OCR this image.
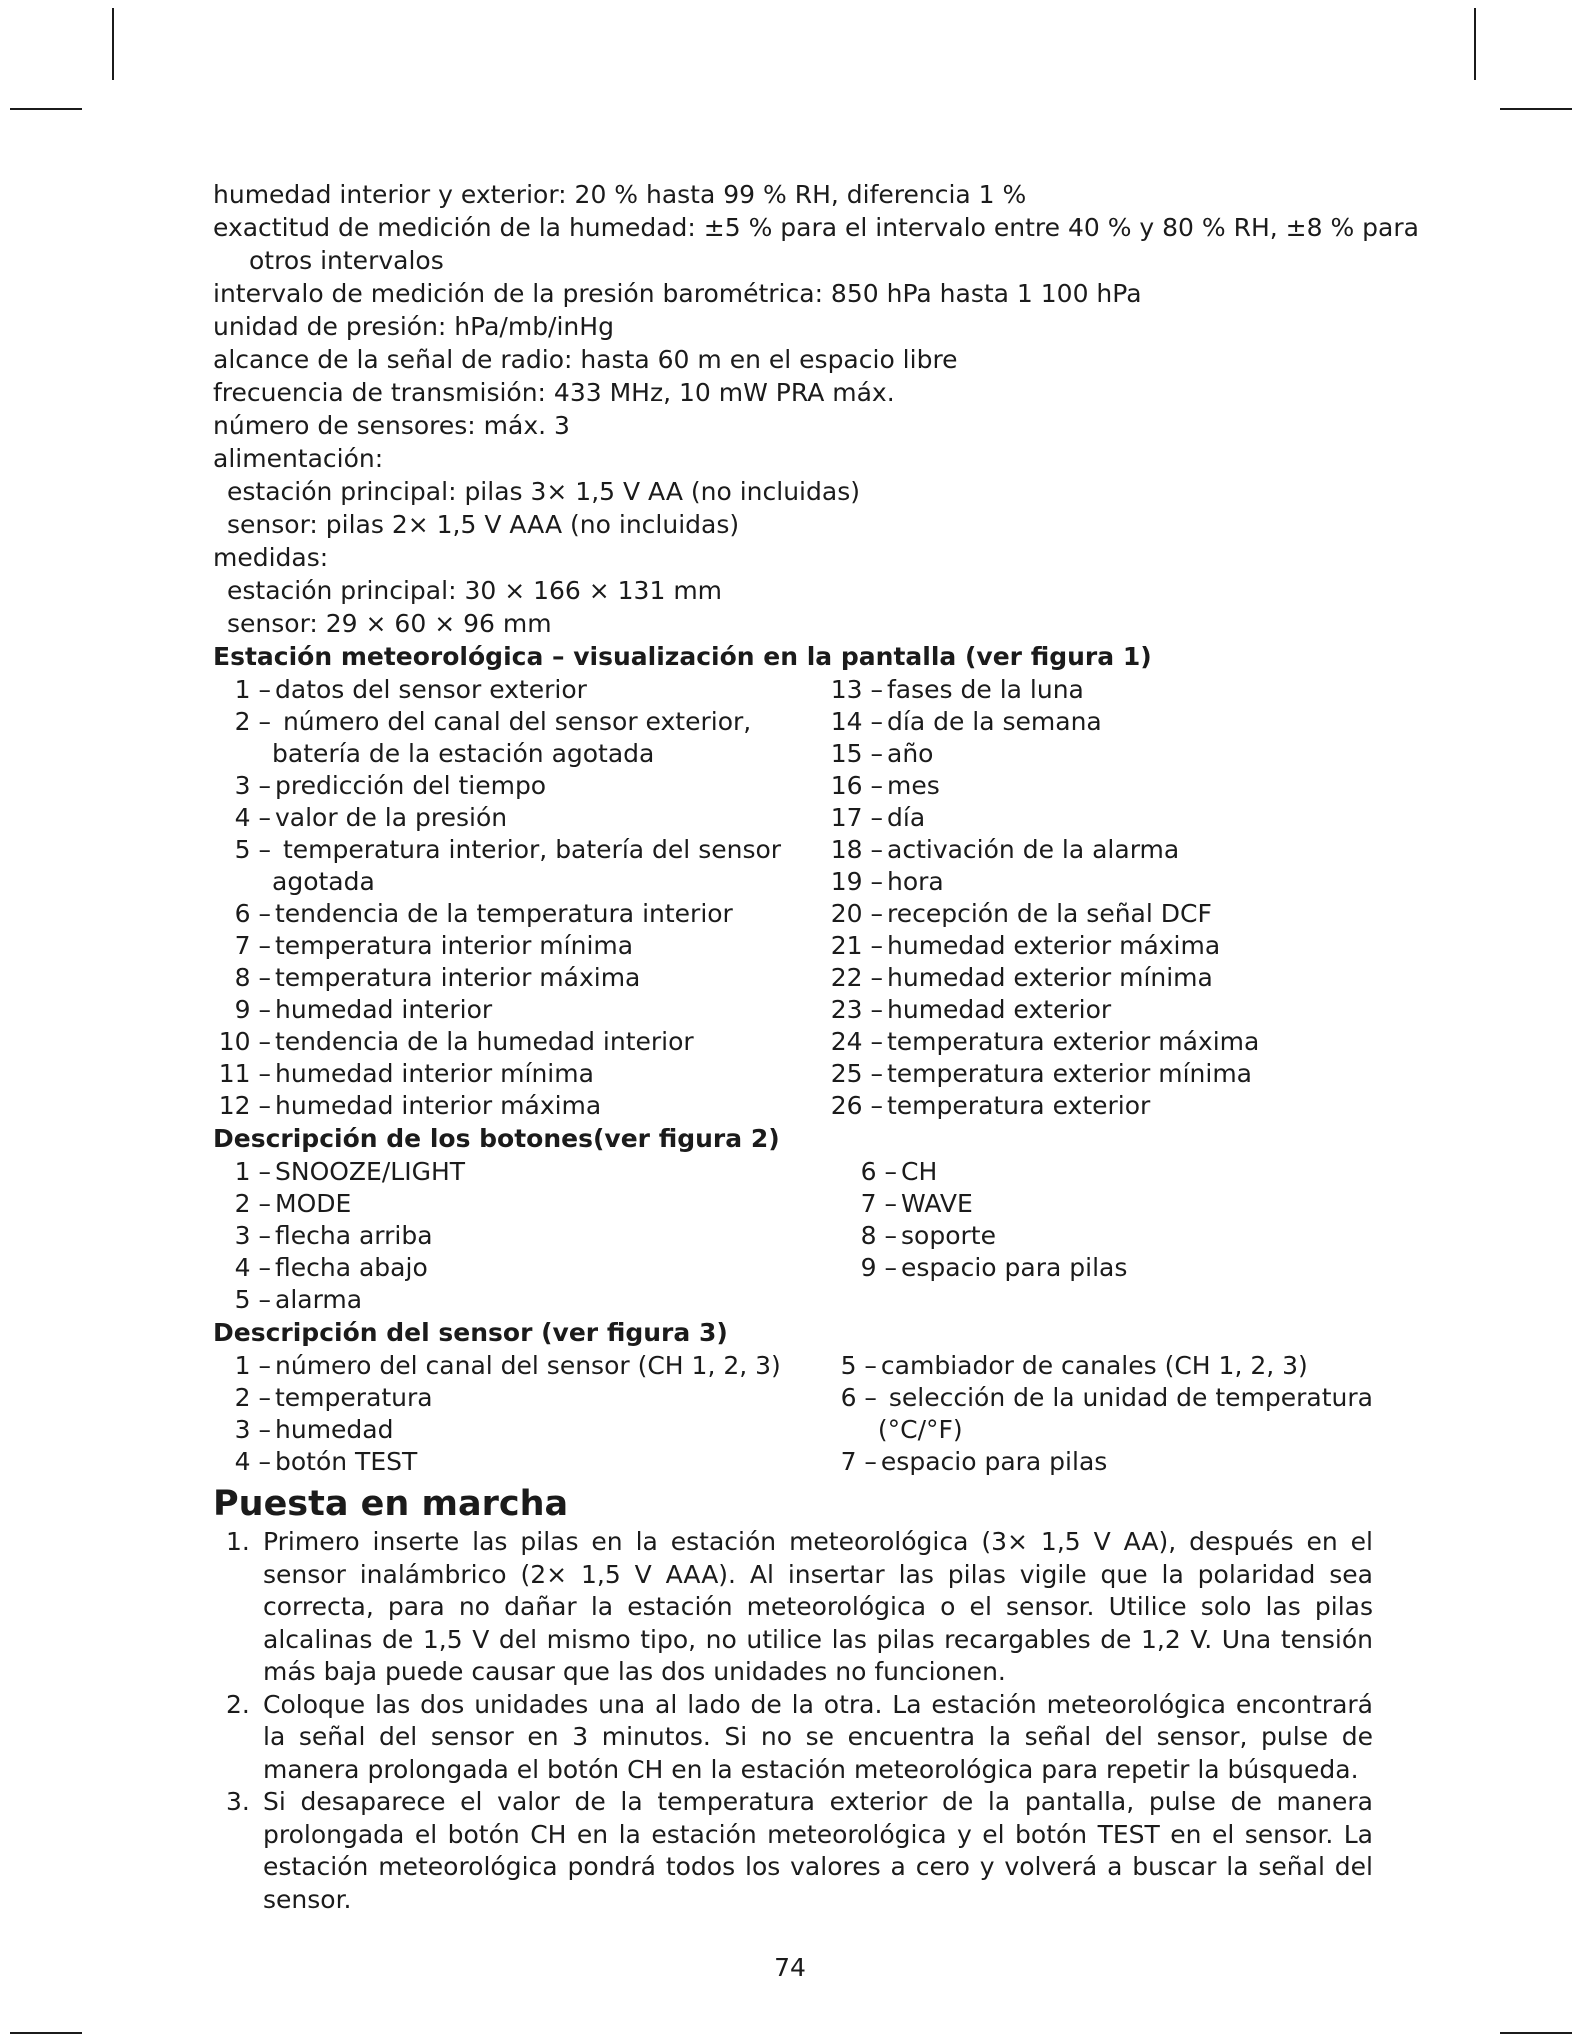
humedad interior y exterior: 20 % hasta 99 % RH, diferencia 1 %
exactitud de medición de la humedad: ±5 % para el intervalo entre 40 % y 80 % RH, ±8 % para
otros intervalos
intervalo de medición de la presión barométrica: 850 hPa hasta 1 100 hPa
unidad de presión: hPa/mb/inHg
alcance de la señal de radio: hasta 60 m en el espacio libre
frecuencia de transmisión: 433 MHz, 10 mW PRA máx.
número de sensores: máx. 3
alimentación:
estación principal: pilas 3× 1,5 V AA (no incluidas)
sensor: pilas 2× 1,5 V AAA (no incluidas)
medidas:
estación principal: 30 × 166 × 131 mm
sensor: 29 × 60 × 96 mm
Estación meteorológica – visualización en la pantalla (ver figura 1)
1 – datos del sensor exterior
2 – número del canal del sensor exterior,
batería de la estación agotada
3 – predicción del tiempo
4 – valor de la presión
5 – temperatura interior, batería del sensor
agotada
6 – tendencia de la temperatura interior
7 – temperatura interior mínima
8 – temperatura interior máxima
9 – humedad interior
10 – tendencia de la humedad interior
11 – humedad interior mínima
12 – humedad interior máxima
13 – fases de la luna
14 – día de la semana
15 – año
16 – mes
17 – día
18 – activación de la alarma
19 – hora
20 – recepción de la señal DCF
21 – humedad exterior máxima
22 – humedad exterior mínima
23 – humedad exterior
24 – temperatura exterior máxima
25 – temperatura exterior mínima
26 – temperatura exterior
Descripción de los botones(ver figura 2)
1 – SNOOZE/LIGHT
2 – MODE
3 – flecha arriba
4 – flecha abajo
5 – alarma
6 – CH
7 – WAVE
8 – soporte
9 – espacio para pilas
Descripción del sensor (ver figura 3)
1 – número del canal del sensor (CH 1, 2, 3)
2 – temperatura
3 – humedad
4 – botón TEST
5 – cambiador de canales (CH 1, 2, 3)
6 – selección de la unidad de temperatura
(°C/°F)
7 – espacio para pilas
Puesta en marcha
1. Primero inserte las pilas en la estación meteorológica (3× 1,5 V AA), después en el sensor inalámbrico (2× 1,5 V AAA). Al insertar las pilas vigile que la polaridad sea correcta, para no dañar la estación meteorológica o el sensor. Utilice solo las pilas alcalinas de 1,5 V del mismo tipo, no utilice las pilas recargables de 1,2 V. Una tensión más baja puede causar que las dos unidades no funcionen.
2. Coloque las dos unidades una al lado de la otra. La estación meteorológica encontrará la señal del sensor en 3 minutos. Si no se encuentra la señal del sensor, pulse de manera prolongada el botón CH en la estación meteorológica para repetir la búsqueda.
3. Si desaparece el valor de la temperatura exterior de la pantalla, pulse de manera prolongada el botón CH en la estación meteorológica y el botón TEST en el sensor. La estación meteorológica pondrá todos los valores a cero y volverá a buscar la señal del sensor.
74
